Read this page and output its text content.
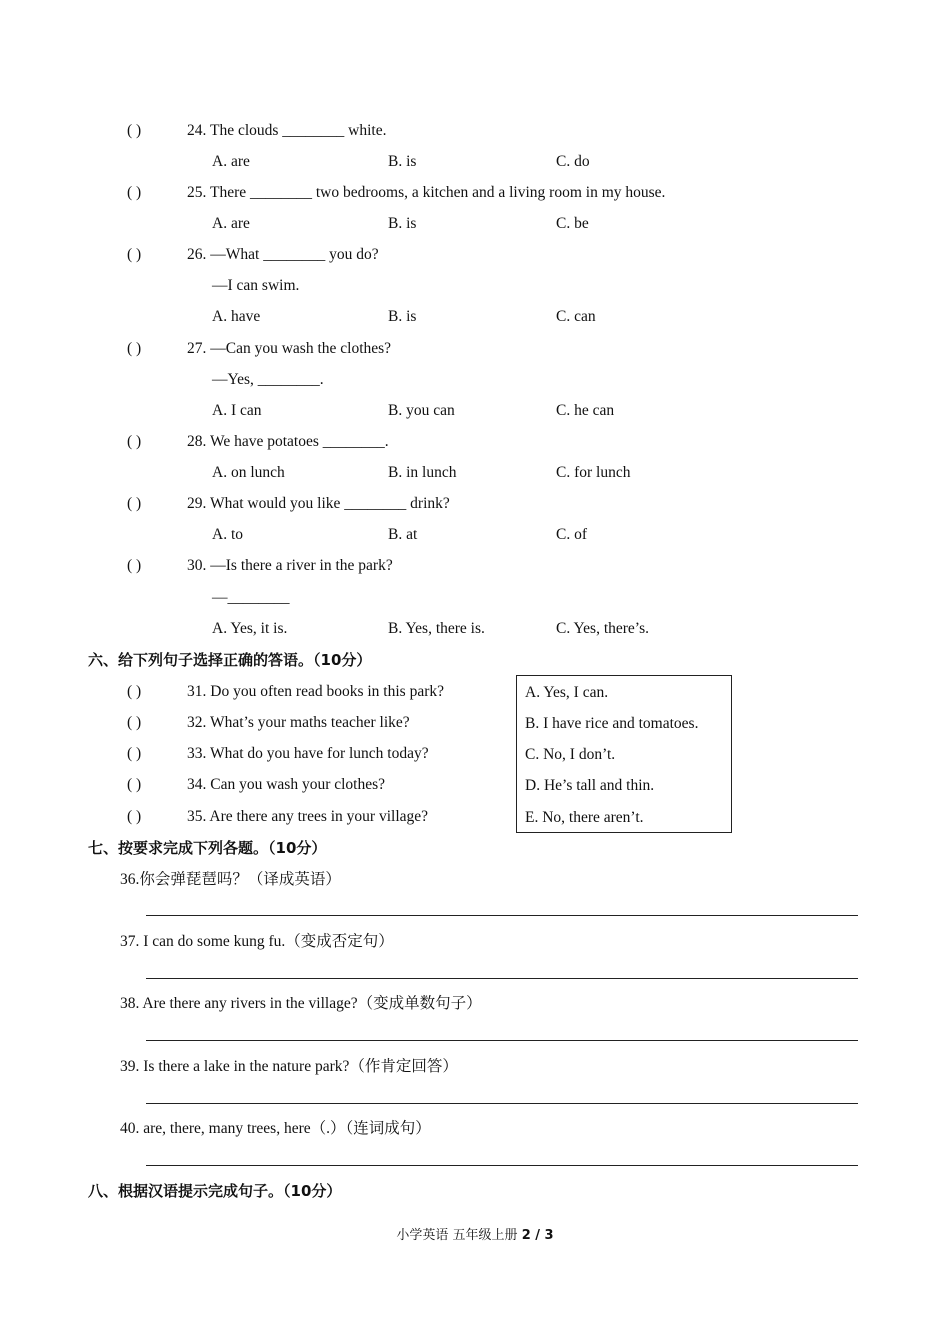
( )	24. The clouds ________ white.
A. are	B. is	C. do
( )	25. There ________ two bedrooms, a kitchen and a living room in my house.
A. are	B. is	C. be
( )	26. —What ________ you do?
—I can swim.
A. have	B. is	C. can
( )	27. —Can you wash the clothes?
—Yes, ________.
A. I can	B. you can	C. he can
( )	28. We have potatoes ________.
A. on lunch	B. in lunch	C. for lunch
( )	29. What would you like ________ drink?
A. to	B. at	C. of
( )	30. —Is there a river in the park?
—________
A. Yes, it is.	B. Yes, there is.	C. Yes, there’s.
六、给下列句子选择正确的答语。（10分）
( )	31. Do you often read books in this park?
( )	32. What’s your maths teacher like?
( )	33. What do you have for lunch today?
( )	34. Can you wash your clothes?
( )	35. Are there any trees in your village?
A. Yes, I can.
B. I have rice and tomatoes.
C. No, I don’t.
D. He’s tall and thin.
E. No, there aren’t.
七、按要求完成下列各题。（10分）
36.你会弹琵琶吗？（译成英语）
37. I can do some kung fu.（变成否定句）
38. Are there any rivers in the village?（变成单数句子）
39. Is there a lake in the nature park?（作肯定回答）
40. are, there, many trees, here（.）（连词成句）
八、根据汉语提示完成句子。（10分）
小学英语 五年级上册 2 / 3
